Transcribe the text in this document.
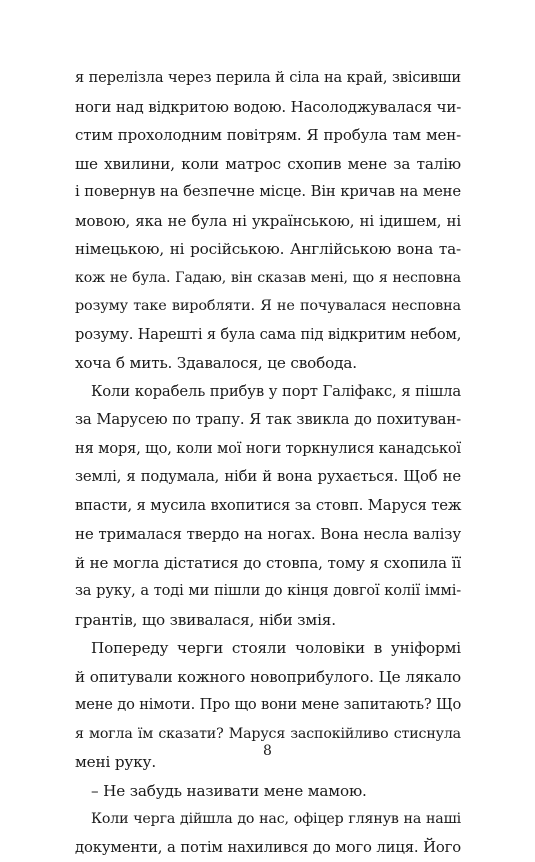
я перелізла через перила й сіла на край, звісивши
ноги над відкритою водою. Насолоджувалася чи-
стим прохолодним повітрям. Я пробула там мен-
ше хвилини, коли матрос схопив мене за талію
і повернув на безпечне місце. Він кричав на мене
мовою, яка не була ні українською, ні ідишем, ні
німецькою, ні російською. Англійською вона та-
кож не була. Гадаю, він сказав мені, що я несповна
розуму таке виробляти. Я не почувалася несповна
розуму. Нарешті я була сама під відкритим небом,
хоча б мить. Здавалося, це свобода.
Коли корабель прибув у порт Галіфакс, я пішла
за Марусею по трапу. Я так звикла до похитуван-
ня моря, що, коли мої ноги торкнулися канадської
землі, я подумала, ніби й вона рухається. Щоб не
впасти, я мусила вхопитися за стовп. Маруся теж
не трималася твердо на ногах. Вона несла валізу
й не могла дістатися до стовпа, тому я схопила її
за руку, а тоді ми пішли до кінця довгої колії іммі-
грантів, що звивалася, ніби змія.
Попереду черги стояли чоловіки в уніформі
й опитували кожного новоприбулого. Це лякало
мене до німоти. Про що вони мене запитають? Що
я могла їм сказати? Маруся заспокійливо стиснула
мені руку.
– Не забудь називати мене мамою.
Коли черга дійшла до нас, офіцер глянув на наші
документи, а потім нахилився до мого лиця. Його
8
